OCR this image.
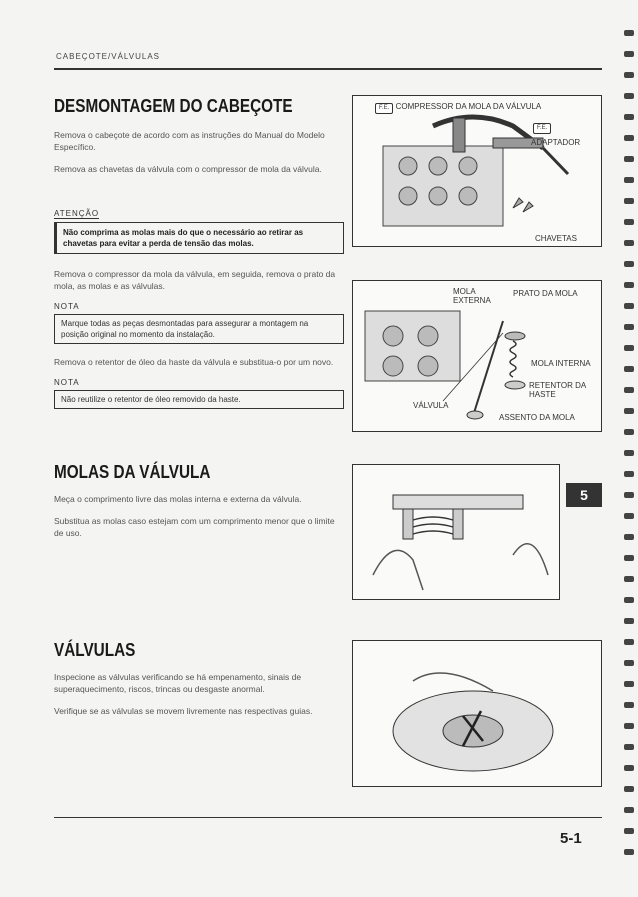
CABEÇOTE/VÁLVULAS
DESMONTAGEM DO CABEÇOTE

Remova o cabeçote de acordo com as instruções do Manual do Modelo Específico.

Remova as chavetas da válvula com o compressor de mola da válvula.

ATENÇÃO
Não comprima as molas mais do que o necessário ao retirar as chavetas para evitar a perda de tensão das molas.

Remova o compressor da mola da válvula, em seguida, remova o prato da mola, as molas e as válvulas.

NOTA
Marque todas as peças desmontadas para assegurar a montagem na posição original no momento da instalação.

Remova o retentor de óleo da haste da válvula e substitua-o por um novo.

NOTA
Não reutilize o retentor de óleo removido da haste.
MOLAS DA VÁLVULA

Meça o comprimento livre das molas interna e externa da válvula.

Substitua as molas caso estejam com um comprimento menor que o limite de uso.

VÁLVULAS

Inspecione as válvulas verificando se há empenamento, sinais de superaquecimento, riscos, trincas ou desgaste anormal.

Verifique se as válvulas se movem livremente nas respectivas guias.

F.E. COMPRESSOR DA MOLA DA VÁLVULA
F.E.
ADAPTADOR
CHAVETAS
MOLA EXTERNA
PRATO DA MOLA
MOLA INTERNA
RETENTOR DA HASTE
VÁLVULA
ASSENTO DA MOLA
5
5-1
